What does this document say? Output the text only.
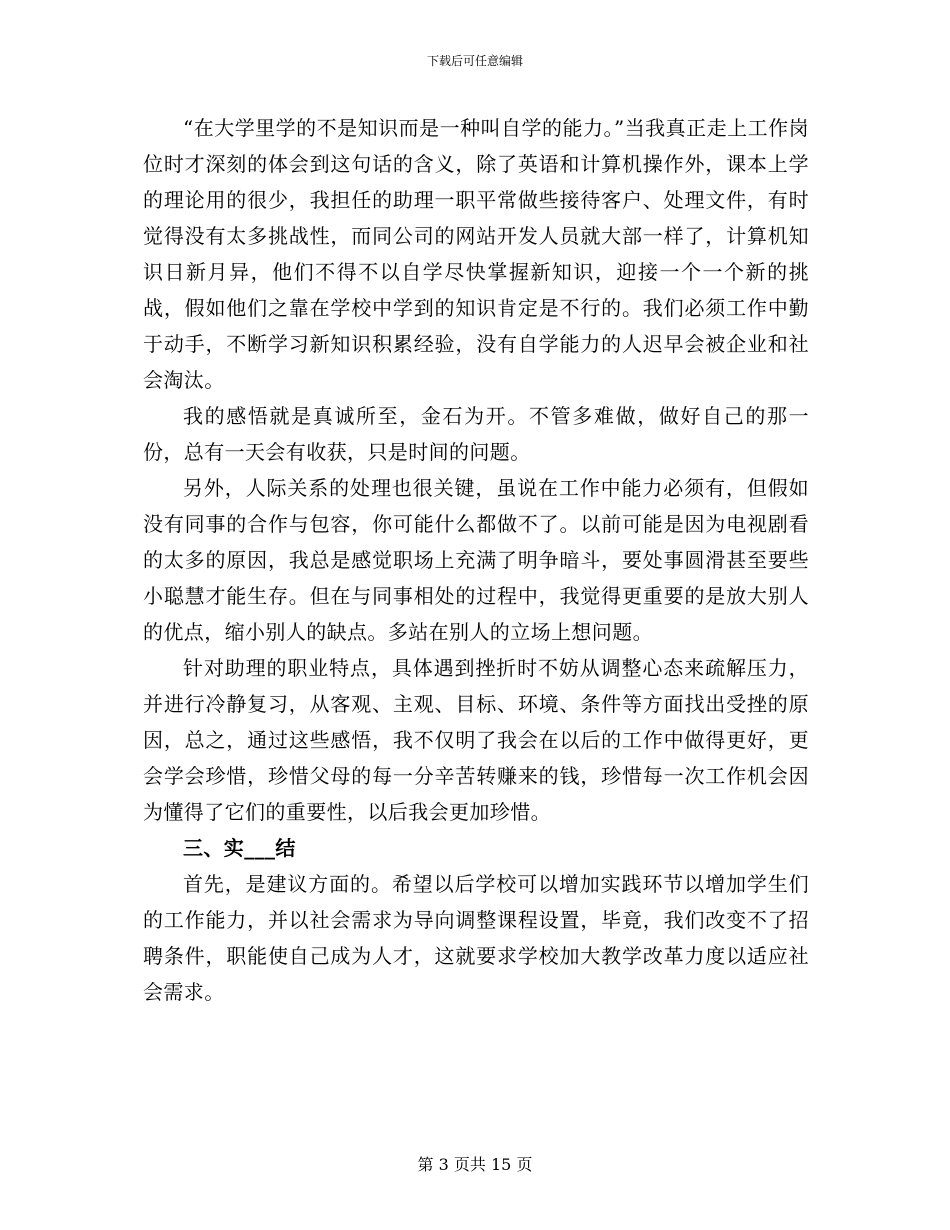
下载后可任意编辑

“在大学里学的不是知识而是一种叫自学的能力。”当我真正走上工作岗位时才深刻的体会到这句话的含义，除了英语和计算机操作外，课本上学的理论用的很少，我担任的助理一职平常做些接待客户、处理文件，有时觉得没有太多挑战性，而同公司的网站开发人员就大部一样了，计算机知识日新月异，他们不得不以自学尽快掌握新知识，迎接一个一个新的挑战，假如他们之靠在学校中学到的知识肯定是不行的。我们必须工作中勤于动手，不断学习新知识积累经验，没有自学能力的人迟早会被企业和社会淘汰。

我的感悟就是真诚所至，金石为开。不管多难做，做好自己的那一份，总有一天会有收获，只是时间的问题。

另外，人际关系的处理也很关键，虽说在工作中能力必须有，但假如没有同事的合作与包容，你可能什么都做不了。以前可能是因为电视剧看的太多的原因，我总是感觉职场上充满了明争暗斗，要处事圆滑甚至要些小聪慧才能生存。但在与同事相处的过程中，我觉得更重要的是放大别人的优点，缩小别人的缺点。多站在别人的立场上想问题。

针对助理的职业特点，具体遇到挫折时不妨从调整心态来疏解压力，并进行冷静复习，从客观、主观、目标、环境、条件等方面找出受挫的原因，总之，通过这些感悟，我不仅明了我会在以后的工作中做得更好，更会学会珍惜，珍惜父母的每一分辛苦转赚来的钱，珍惜每一次工作机会因为懂得了它们的重要性，以后我会更加珍惜。

三、实___结

首先，是建议方面的。希望以后学校可以增加实践环节以增加学生们的工作能力，并以社会需求为导向调整课程设置，毕竟，我们改变不了招聘条件，职能使自己成为人才，这就要求学校加大教学改革力度以适应社会需求。

第 3 页共 15 页
